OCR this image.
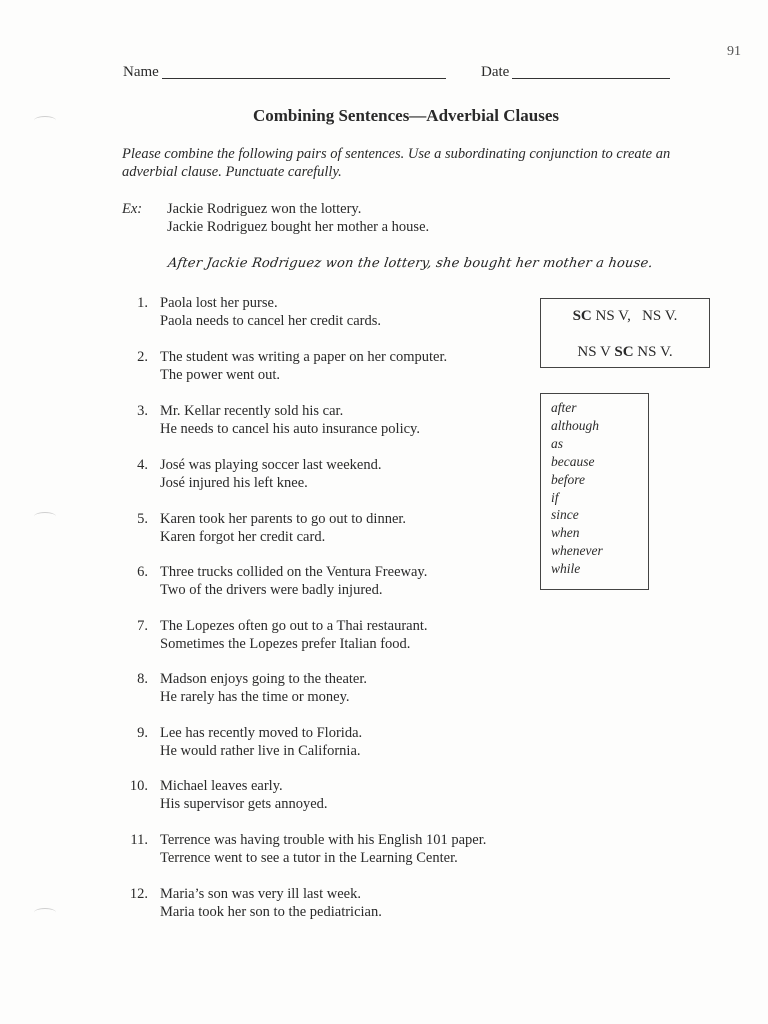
91
Name	Date
Combining Sentences—Adverbial Clauses
Please combine the following pairs of sentences. Use a subordinating conjunction to create an adverbial clause. Punctuate carefully.
Ex: Jackie Rodriguez won the lottery.
Jackie Rodriguez bought her mother a house.
After Jackie Rodriguez won the lottery, she bought her mother a house.
1. Paola lost her purse.
Paola needs to cancel her credit cards.
2. The student was writing a paper on her computer.
The power went out.
3. Mr. Kellar recently sold his car.
He needs to cancel his auto insurance policy.
4. José was playing soccer last weekend.
José injured his left knee.
5. Karen took her parents to go out to dinner.
Karen forgot her credit card.
6. Three trucks collided on the Ventura Freeway.
Two of the drivers were badly injured.
7. The Lopezes often go out to a Thai restaurant.
Sometimes the Lopezes prefer Italian food.
8. Madson enjoys going to the theater.
He rarely has the time or money.
9. Lee has recently moved to Florida.
He would rather live in California.
10. Michael leaves early.
His supervisor gets annoyed.
11. Terrence was having trouble with his English 101 paper.
Terrence went to see a tutor in the Learning Center.
12. Maria’s son was very ill last week.
Maria took her son to the pediatrician.
SC NS V,   NS V.
NS V SC NS V.
after
although
as
because
before
if
since
when
whenever
while
